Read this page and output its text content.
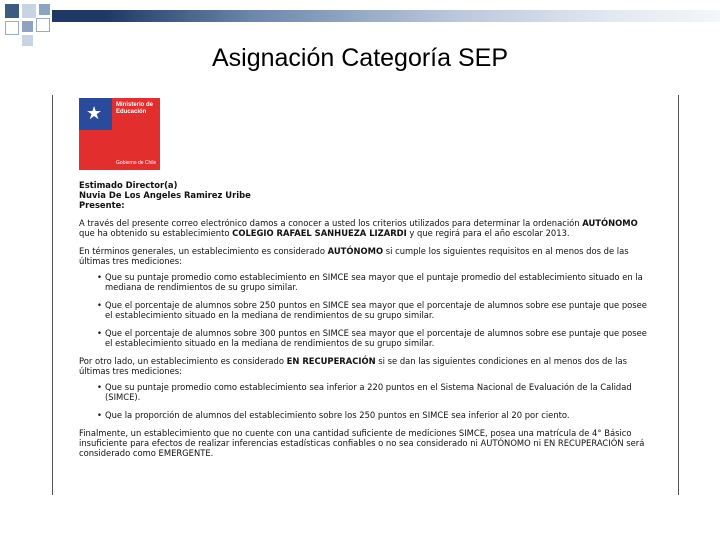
Asignación Categoría SEP
★ Ministerio de
Educación
Gobierno de Chile

Estimado Director(a)

Nuvia De Los Angeles Ramirez Uribe

Presente:

A través del presente correo electrónico damos a conocer a usted los criterios utilizados para determinar la ordenación AUTÓNOMO que ha obtenido su establecimiento COLEGIO RAFAEL SANHUEZA LIZARDI y que regirá para el año escolar 2013.

En términos generales, un establecimiento es considerado AUTÓNOMO si cumple los siguientes requisitos en al menos dos de las últimas tres mediciones:

• Que su puntaje promedio como establecimiento en SIMCE sea mayor que el puntaje promedio del establecimiento situado en la mediana de rendimientos de su grupo similar.
• Que el porcentaje de alumnos sobre 250 puntos en SIMCE sea mayor que el porcentaje de alumnos sobre ese puntaje que posee el establecimiento situado en la mediana de rendimientos de su grupo similar.
• Que el porcentaje de alumnos sobre 300 puntos en SIMCE sea mayor que el porcentaje de alumnos sobre ese puntaje que posee el establecimiento situado en la mediana de rendimientos de su grupo similar.

Por otro lado, un establecimiento es considerado EN RECUPERACIÓN si se dan las siguientes condiciones en al menos dos de las últimas tres mediciones:

• Que su puntaje promedio como establecimiento sea inferior a 220 puntos en el Sistema Nacional de Evaluación de la Calidad (SIMCE).
• Que la proporción de alumnos del establecimiento sobre los 250 puntos en SIMCE sea inferior al 20 por ciento.

Finalmente, un establecimiento que no cuente con una cantidad suficiente de mediciones SIMCE, posea una matrícula de 4° Básico insuficiente para efectos de realizar inferencias estadísticas confiables o no sea considerado ni AUTÓNOMO ni EN RECUPERACIÓN será considerado como EMERGENTE.
